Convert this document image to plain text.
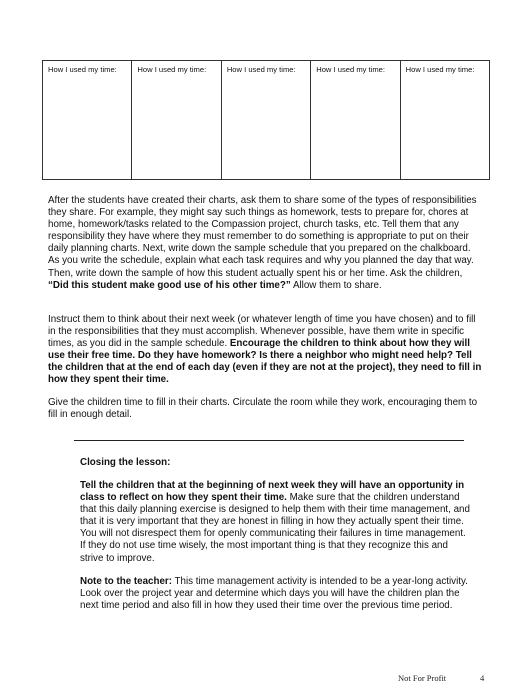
How I used my time:	How I used my time:	How I used my time:	How I used my time:	How I used my time:

After the students have created their charts, ask them to share some of the types of responsibilities they share. For example, they might say such things as homework, tests to prepare for, chores at home, homework/tasks related to the Compassion project, church tasks, etc. Tell them that any responsibility they have where they must remember to do something is appropriate to put on their daily planning charts. Next, write down the sample schedule that you prepared on the chalkboard. As you write the schedule, explain what each task requires and why you planned the day that way. Then, write down the sample of how this student actually spent his or her time. Ask the children, “Did this student make good use of his other time?” Allow them to share.

Instruct them to think about their next week (or whatever length of time you have chosen) and to fill in the responsibilities that they must accomplish. Whenever possible, have them write in specific times, as you did in the sample schedule. Encourage the children to think about how they will use their free time. Do they have homework? Is there a neighbor who might need help? Tell the children that at the end of each day (even if they are not at the project), they need to fill in how they spent their time.

Give the children time to fill in their charts. Circulate the room while they work, encouraging them to fill in enough detail.

Closing the lesson:

Tell the children that at the beginning of next week they will have an opportunity in class to reflect on how they spent their time. Make sure that the children understand that this daily planning exercise is designed to help them with their time management, and that it is very important that they are honest in filling in how they actually spent their time. You will not disrespect them for openly communicating their failures in time management. If they do not use time wisely, the most important thing is that they recognize this and strive to improve.

Note to the teacher: This time management activity is intended to be a year-long activity. Look over the project year and determine which days you will have the children plan the next time period and also fill in how they used their time over the previous time period.

Not For Profit	4
